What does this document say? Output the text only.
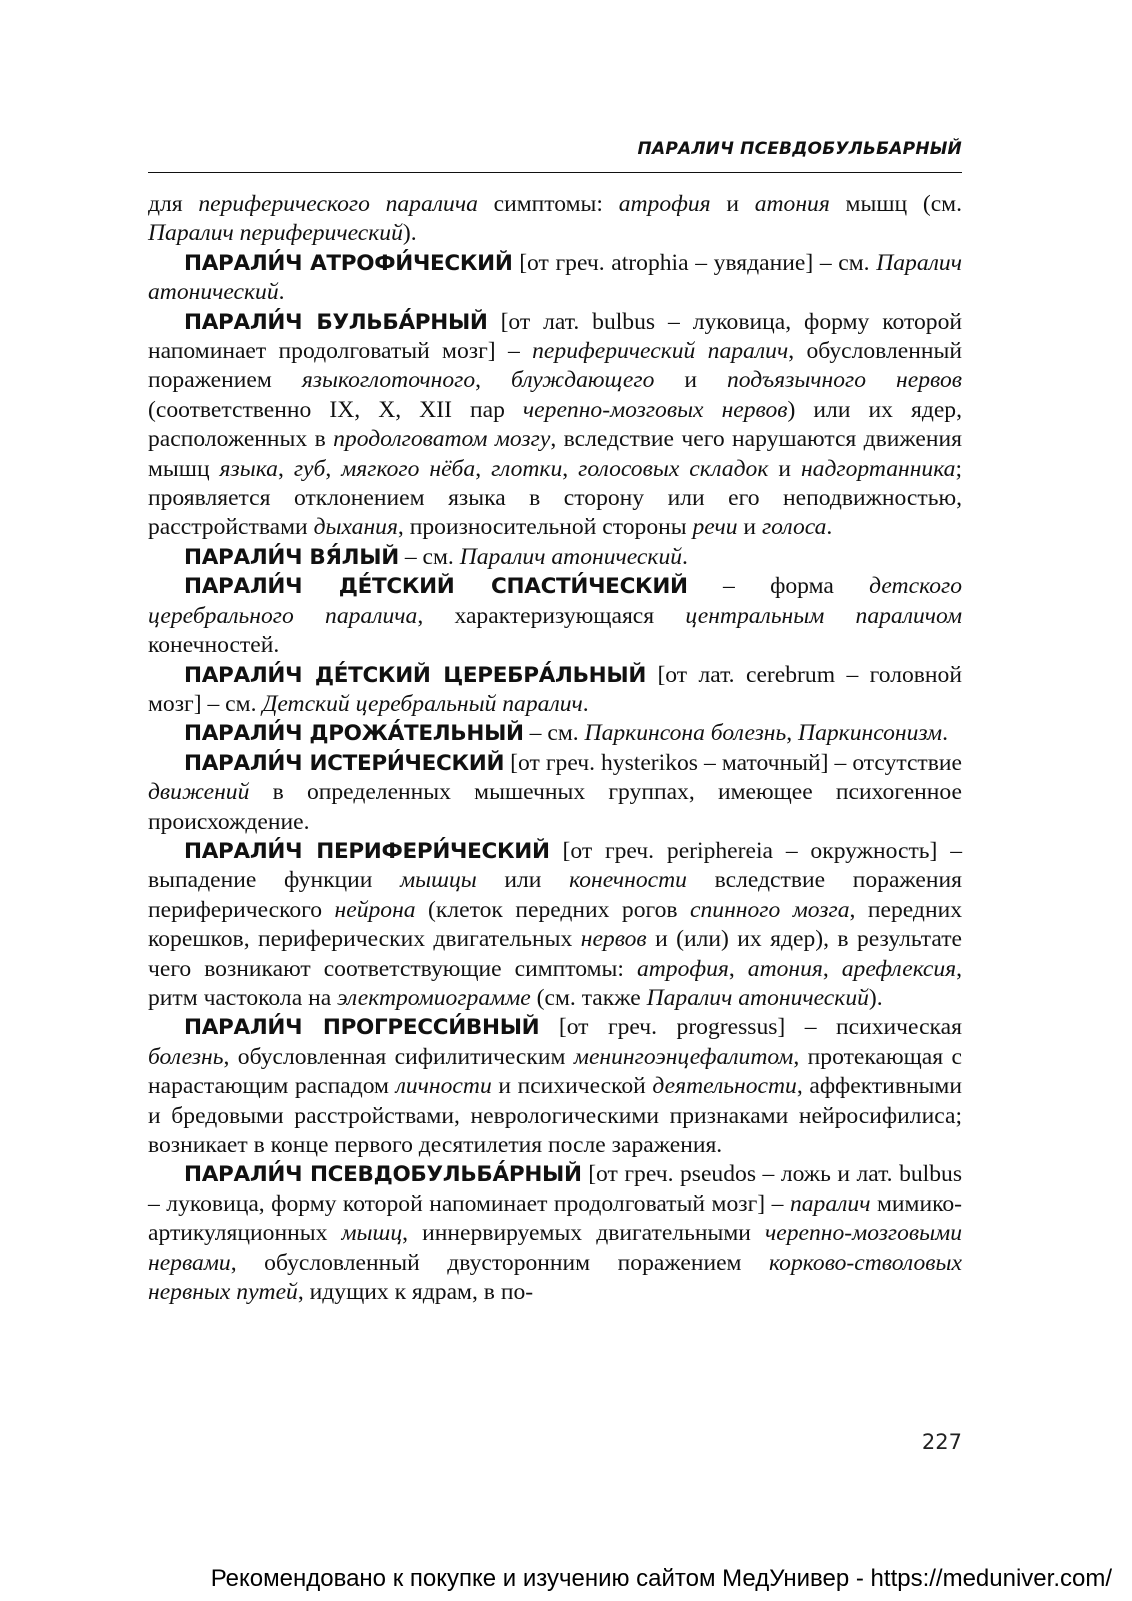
ПАРАЛИЧ ПСЕВДОБУЛЬБАРНЫЙ

для периферического паралича симптомы: атрофия и атония мышц (см. Паралич периферический).

ПАРАЛИ́Ч АТРОФИ́ЧЕСКИЙ [от греч. atrophia – увядание] – см. Паралич атонический.

ПАРАЛИ́Ч БУЛЬБА́РНЫЙ [от лат. bulbus – луковица, форму которой напоминает продолговатый мозг] – периферический паралич, обусловленный поражением языкоглоточного, блуждающего и подъязычного нервов (соответственно IX, X, XII пар черепно-мозговых нервов) или их ядер, расположенных в продолговатом мозгу, вследствие чего нарушаются движения мышц языка, губ, мягкого нёба, глотки, голосовых складок и надгортанника; проявляется отклонением языка в сторону или его неподвижностью, расстройствами дыхания, произносительной стороны речи и голоса.

ПАРАЛИ́Ч ВЯ́ЛЫЙ – см. Паралич атонический.

ПАРАЛИ́Ч ДЕ́ТСКИЙ СПАСТИ́ЧЕСКИЙ – форма детского церебрального паралича, характеризующаяся центральным параличом конечностей.

ПАРАЛИ́Ч ДЕ́ТСКИЙ ЦЕРЕБРА́ЛЬНЫЙ [от лат. cerebrum – головной мозг] – см. Детский церебральный паралич.

ПАРАЛИ́Ч ДРОЖА́ТЕЛЬНЫЙ – см. Паркинсона болезнь, Паркинсонизм.

ПАРАЛИ́Ч ИСТЕРИ́ЧЕСКИЙ [от греч. hysterikos – маточный] – отсутствие движений в определенных мышечных группах, имеющее психогенное происхождение.

ПАРАЛИ́Ч ПЕРИФЕРИ́ЧЕСКИЙ [от греч. periphereia – окружность] – выпадение функции мышцы или конечности вследствие поражения периферического нейрона (клеток передних рогов спинного мозга, передних корешков, периферических двигательных нервов и (или) их ядер), в результате чего возникают соответствующие симптомы: атрофия, атония, арефлексия, ритм частокола на электромиограмме (см. также Паралич атонический).

ПАРАЛИ́Ч ПРОГРЕССИ́ВНЫЙ [от греч. progressus] – психическая болезнь, обусловленная сифилитическим менингоэнцефалитом, протекающая с нарастающим распадом личности и психической деятельности, аффективными и бредовыми расстройствами, неврологическими признаками нейросифилиса; возникает в конце первого десятилетия после заражения.

ПАРАЛИ́Ч ПСЕВДОБУЛЬБА́РНЫЙ [от греч. pseudos – ложь и лат. bulbus – луковица, форму которой напоминает продолговатый мозг] – паралич мимико-артикуляционных мышц, иннервируемых двигательными черепно-мозговыми нервами, обусловленный двусторонним поражением корково-стволовых нервных путей, идущих к ядрам, в по-

227
Рекомендовано к покупке и изучению сайтом МедУнивер - https://meduniver.com/
